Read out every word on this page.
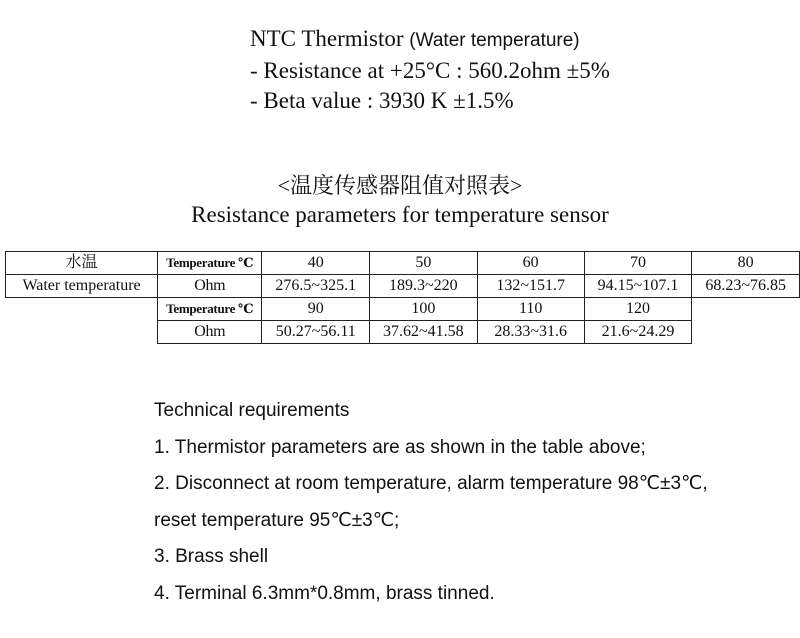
NTC Thermistor (Water temperature)
- Resistance at +25°C : 560.2ohm ±5%
- Beta value : 3930 K ±1.5%
<温度传感器阻值对照表>
Resistance parameters for temperature sensor
水温	Temperature ℃	40	50	60	70	80
Water temperature	Ohm	276.5~325.1	189.3~220	132~151.7	94.15~107.1	68.23~76.85
	Temperature ℃	90	100	110	120	
	Ohm	50.27~56.11	37.62~41.58	28.33~31.6	21.6~24.29	
Technical requirements
1. Thermistor parameters are as shown in the table above;
2. Disconnect at room temperature, alarm temperature 98℃±3℃,
reset temperature 95℃±3℃;
3. Brass shell
4. Terminal 6.3mm*0.8mm, brass tinned.
